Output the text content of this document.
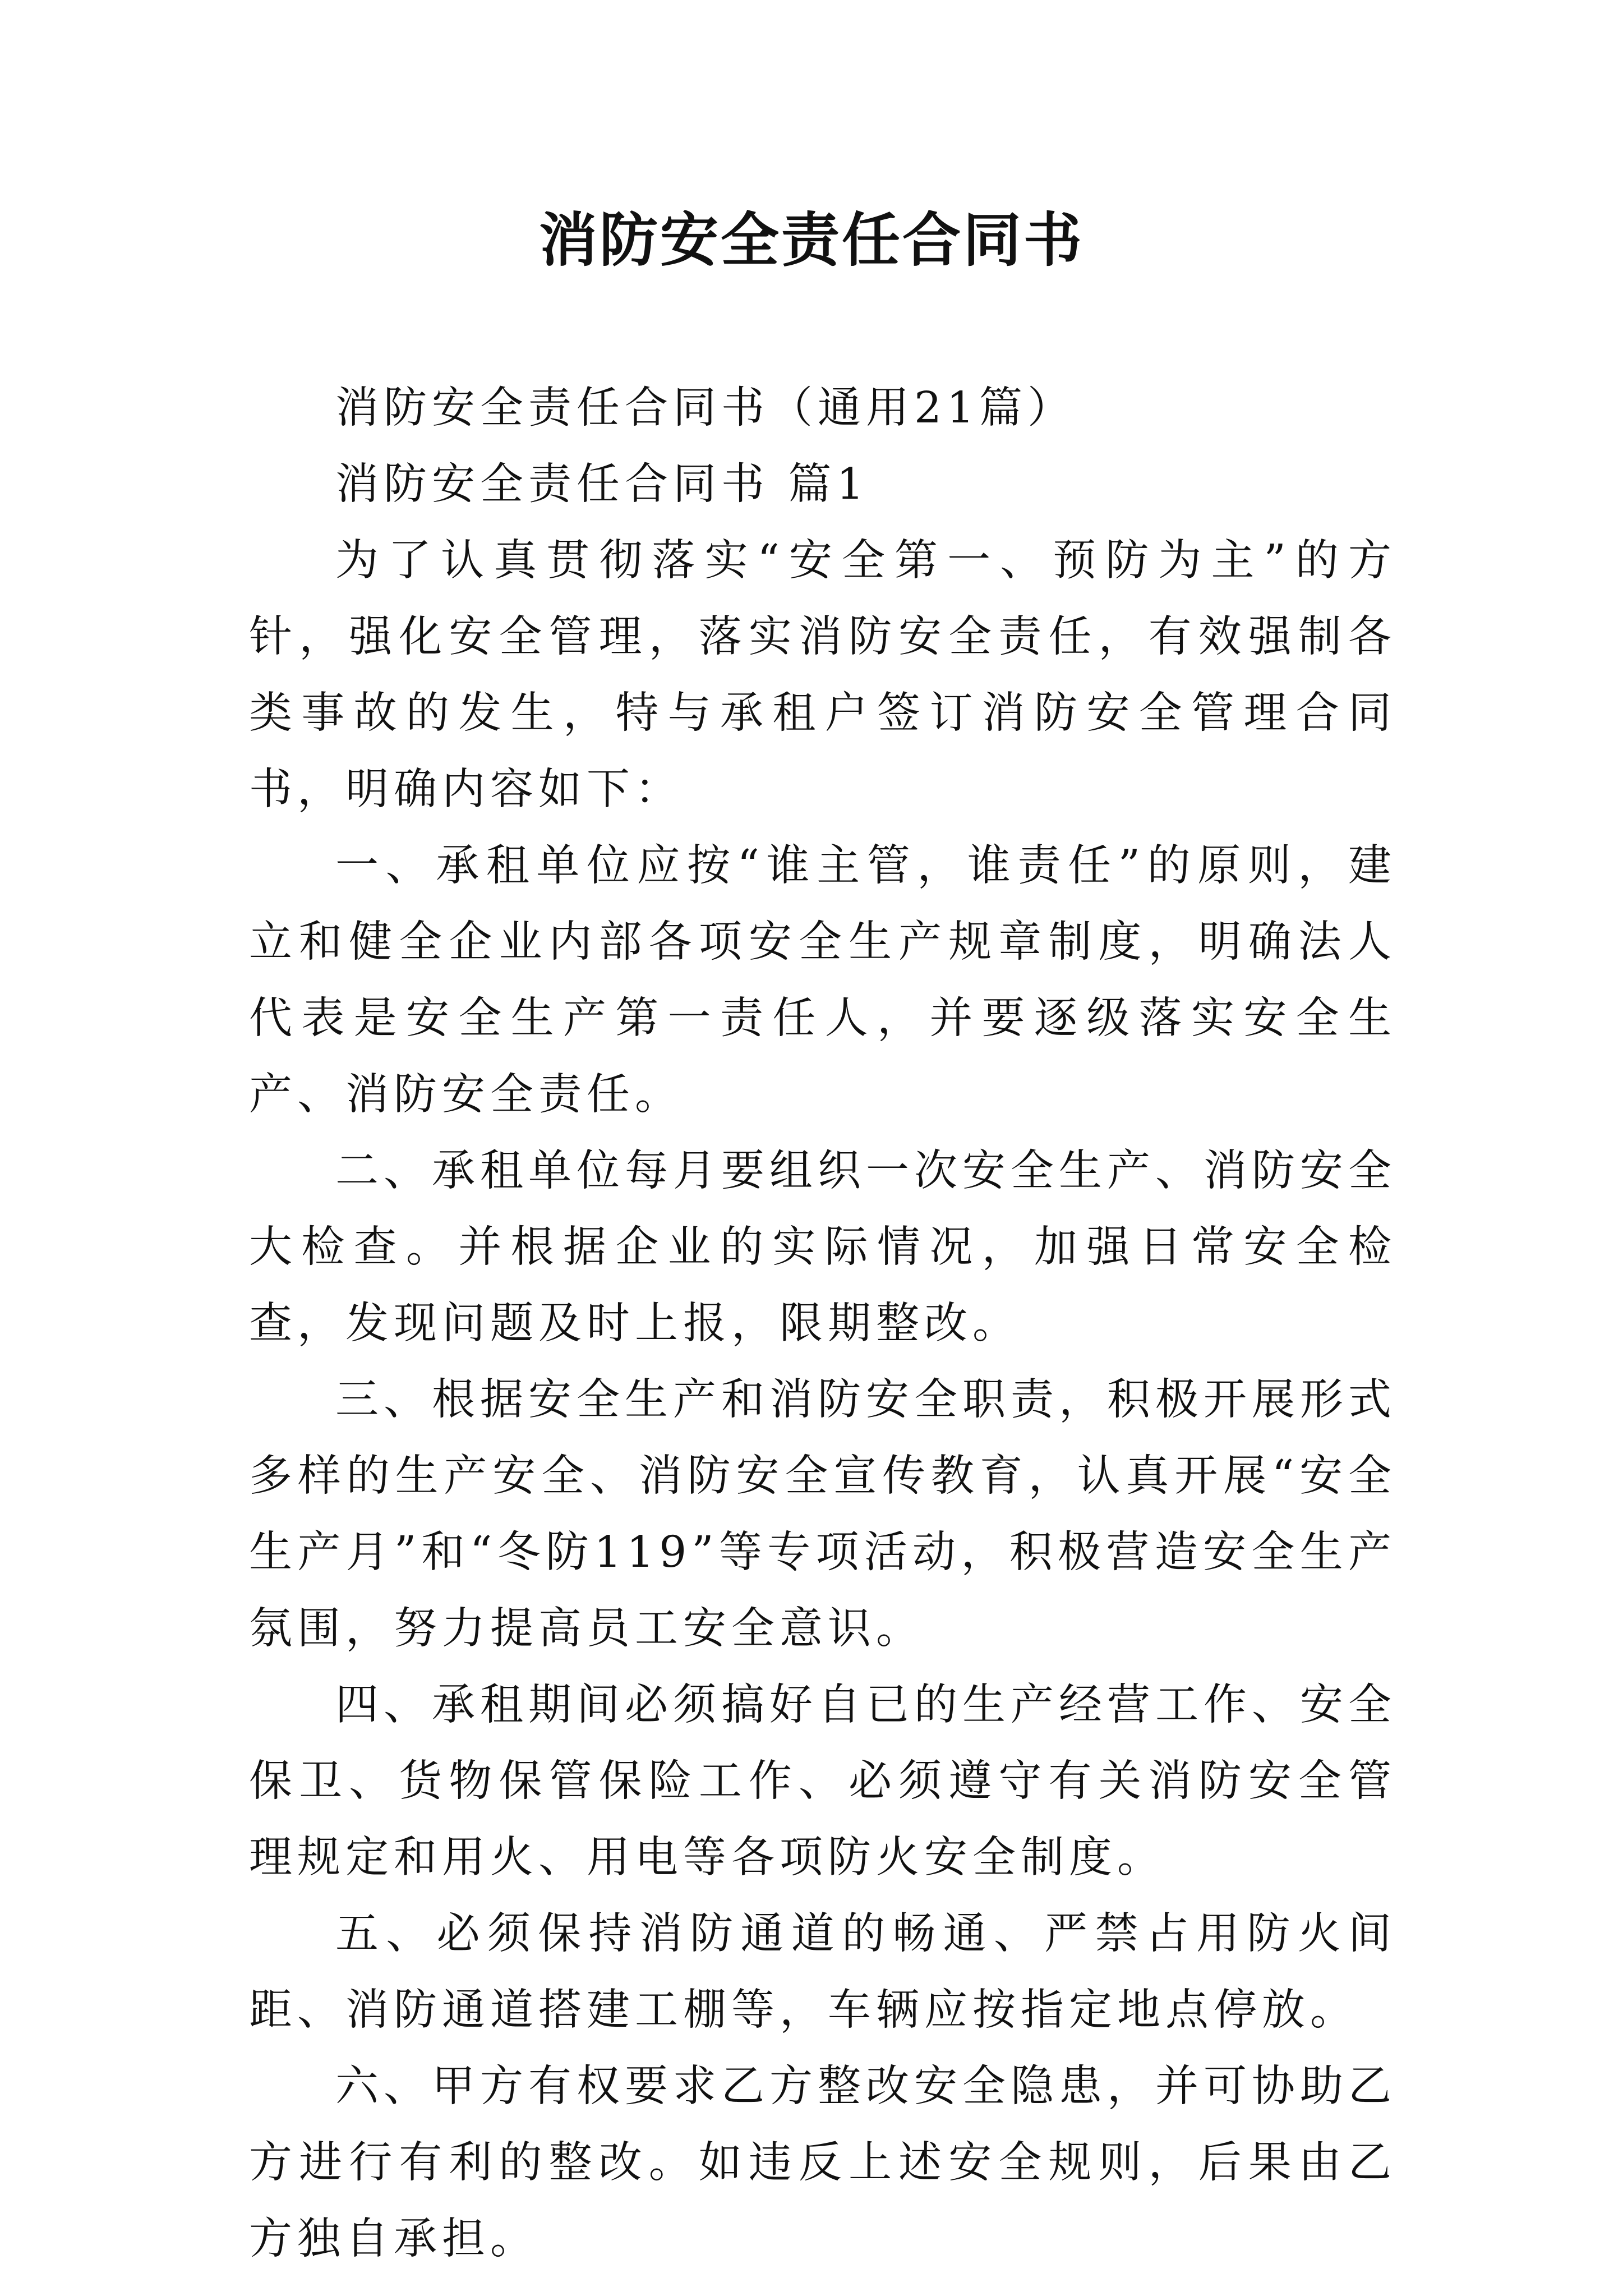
消防安全责任合同书

消防安全责任合同书（通用21篇）

消防安全责任合同书 篇1

为了认真贯彻落实“安全第一、预防为主”的方针，强化安全管理，落实消防安全责任，有效强制各类事故的发生，特与承租户签订消防安全管理合同书，明确内容如下：

一、承租单位应按“谁主管，谁责任”的原则，建立和健全企业内部各项安全生产规章制度，明确法人代表是安全生产第一责任人，并要逐级落实安全生产、消防安全责任。

二、承租单位每月要组织一次安全生产、消防安全大检查。并根据企业的实际情况，加强日常安全检查，发现问题及时上报，限期整改。

三、根据安全生产和消防安全职责，积极开展形式多样的生产安全、消防安全宣传教育，认真开展“安全生产月”和“冬防119”等专项活动，积极营造安全生产氛围，努力提高员工安全意识。

四、承租期间必须搞好自已的生产经营工作、安全保卫、货物保管保险工作、必须遵守有关消防安全管理规定和用火、用电等各项防火安全制度。

五、必须保持消防通道的畅通、严禁占用防火间距、消防通道搭建工棚等，车辆应按指定地点停放。

六、甲方有权要求乙方整改安全隐患，并可协助乙方进行有利的整改。如违反上述安全规则，后果由乙方独自承担。
